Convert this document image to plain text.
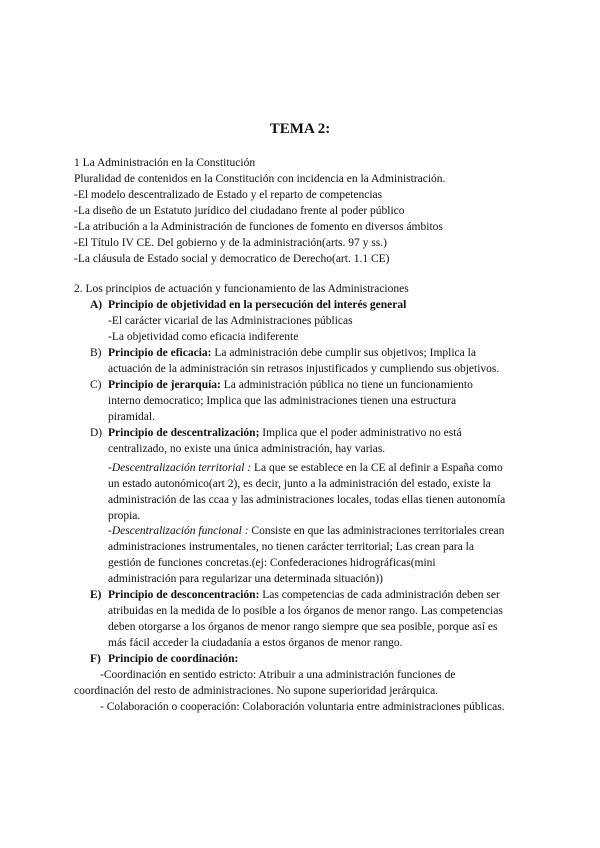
TEMA 2:
1 La Administración en la Constitución
Pluralidad de contenidos en la Constitución con incidencia en la Administración.
-El modelo descentralizado de Estado y el reparto de competencias
-La diseño de un Estatuto jurídico del ciudadano frente al poder público
-La atribución a la Administración de funciones de fomento en diversos ámbitos
-El Título IV CE. Del gobierno y de la administración(arts. 97 y ss.)
-La cláusula de Estado social y democratico de Derecho(art. 1.1 CE)
2. Los principios de actuación y funcionamiento de las Administraciones
A) Principio de objetividad en la persecución del interés general
-El carácter vicarial de las Administraciones públicas
-La objetividad como eficacia indiferente
B) Principio de eficacia: La administración debe cumplir sus objetivos; Implica la
actuación de la administración sin retrasos injustificados y cumpliendo sus objetivos.
C) Principio de jerarquía: La administración pública no tiene un funcionamiento
interno democratico; Implica que las administraciones tienen una estructura
piramidal.
D) Principio de descentralización; Implica que el poder administrativo no está
centralizado, no existe una única administración, hay varias.
-Descentralización territorial : La que se establece en la CE al definir a España como
un estado autonómico(art 2), es decir, junto a la administración del estado, existe la
administración de las ccaa y las administraciones locales, todas ellas tienen autonomía
propia.
-Descentralización funcional : Consiste en que las administraciones territoriales crean
administraciones instrumentales, no tienen carácter territorial; Las crean para la
gestión de funciones concretas.(ej: Confederaciones hidrográficas(mini
administración para regularizar una determinada situación))
E) Principio de desconcentración: Las competencias de cada administración deben ser
atribuidas en la medida de lo posible a los órganos de menor rango. Las competencias
deben otorgarse a los órganos de menor rango siempre que sea posible, porque así es
más fácil acceder la ciudadanía a estos órganos de menor rango.
F) Principio de coordinación:
-Coordinación en sentido estricto: Atribuir a una administración funciones de
coordinación del resto de administraciones. No supone superioridad jerárquica.
- Colaboración o cooperación: Colaboración voluntaria entre administraciones públicas.
